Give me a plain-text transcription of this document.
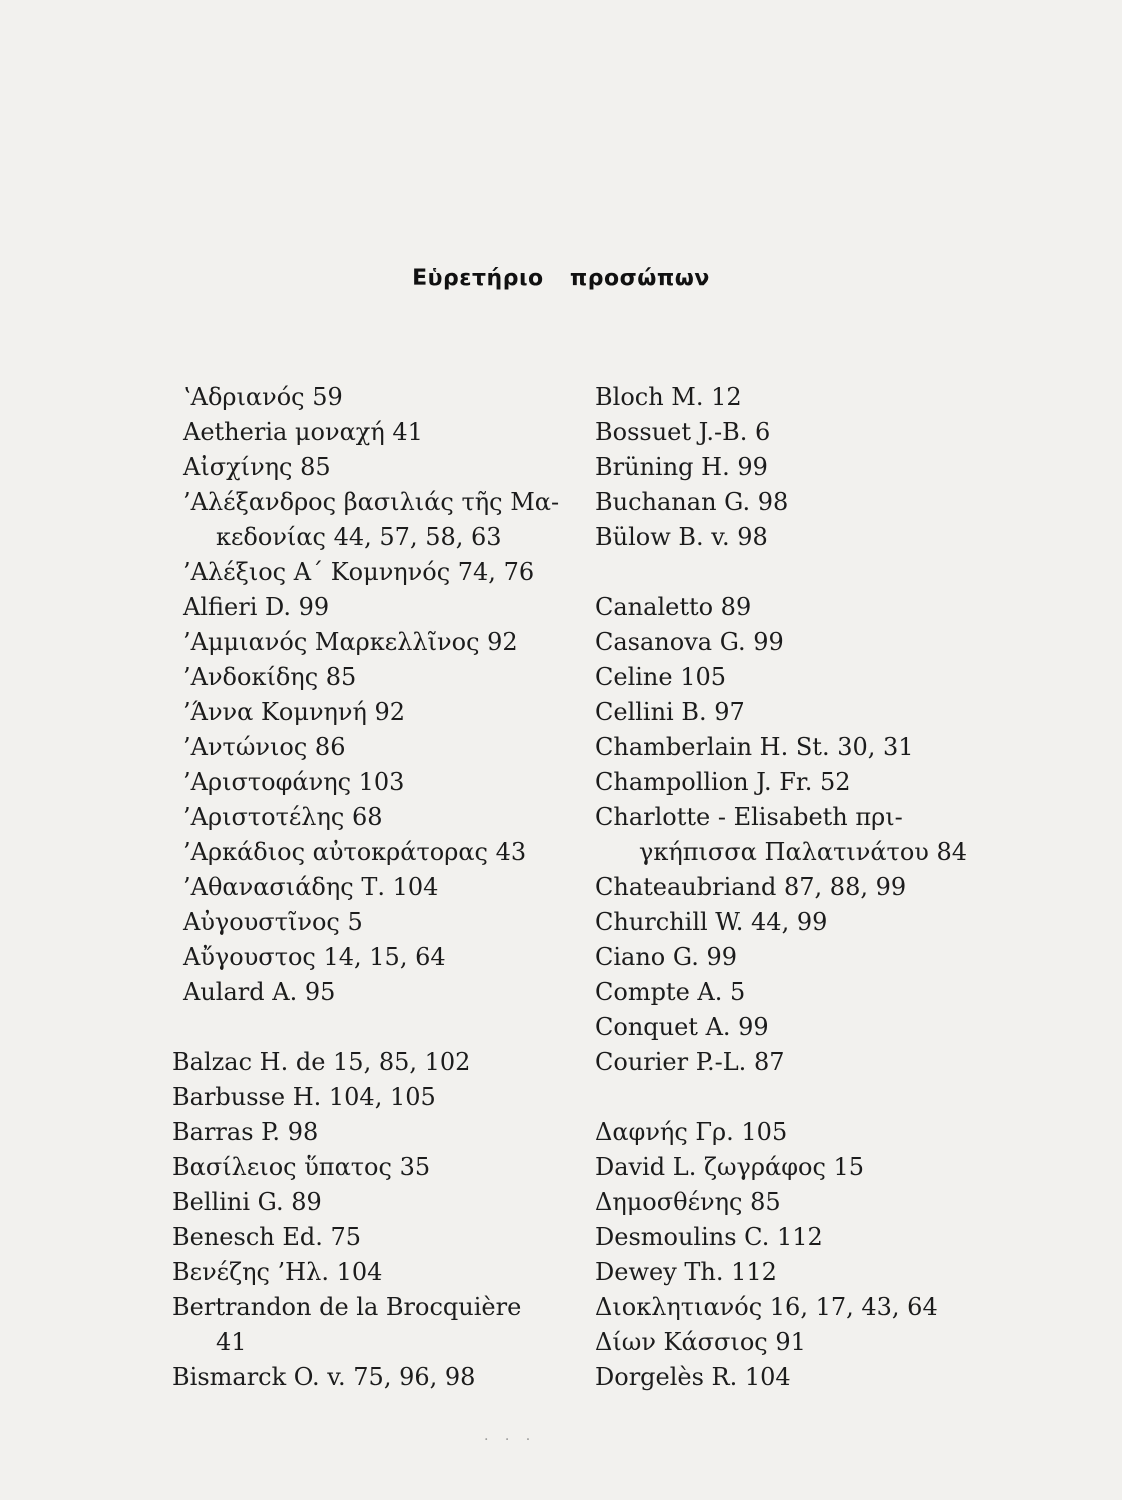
Εὑρετήριο προσώπων
ʽΑδριανός 59
Aetheria μοναχή 41
Αἰσχίνης 85
’Αλέξανδρος βασιλιάς τῆς Μα-
κεδονίας 44, 57, 58, 63
’Αλέξιος Α΄ Κομνηνός 74, 76
Alfieri D. 99
’Αμμιανός Μαρκελλῖνος 92
’Ανδοκίδης 85
’Άννα Κομνηνή 92
’Αντώνιος 86
’Αριστοφάνης 103
’Αριστοτέλης 68
’Αρκάδιος αὐτοκράτορας 43
’Αθανασιάδης Τ. 104
Αὐγουστῖνος 5
Αὔγουστος 14, 15, 64
Aulard A. 95
Balzac H. de 15, 85, 102
Barbusse H. 104, 105
Barras P. 98
Βασίλειος ὕπατος 35
Bellini G. 89
Benesch Ed. 75
Βενέζης ’Ηλ. 104
Bertrandon de la Brocquière
41
Bismarck O. v. 75, 96, 98
Bloch M. 12
Bossuet J.-B. 6
Brüning H. 99
Buchanan G. 98
Bülow B. v. 98
Canaletto 89
Casanova G. 99
Celine 105
Cellini B. 97
Chamberlain H. St. 30, 31
Champollion J. Fr. 52
Charlotte - Elisabeth πρι-
γκήπισσα Παλατινάτου 84
Chateaubriand 87, 88, 99
Churchill W. 44, 99
Ciano G. 99
Compte A. 5
Conquet A. 99
Courier P.-L. 87
Δαφνής Γρ. 105
David L. ζωγράφος 15
Δημοσθένης 85
Desmoulins C. 112
Dewey Th. 112
Διοκλητιανός 16, 17, 43, 64
Δίων Κάσσιος 91
Dorgelès R. 104
. . .
